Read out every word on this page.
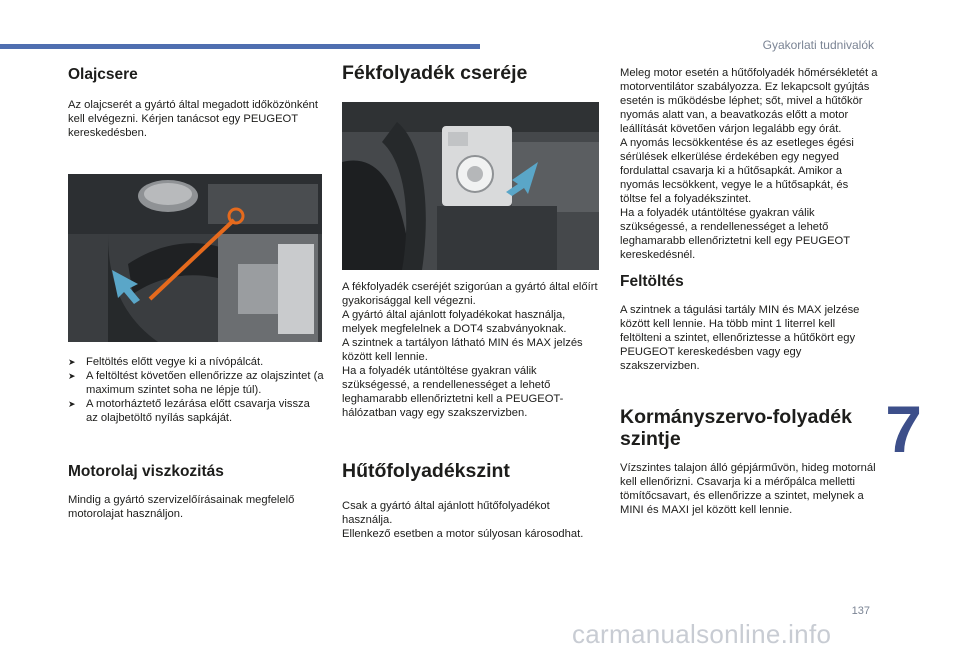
Gyakorlati tudnivalók
7
137
carmanualsonline.info
Olajcsere

Az olajcserét a gyártó által megadott időközönként kell elvégezni. Kérjen tanácsot egy PEUGEOT kereskedésben.

➤ Feltöltés előtt vegye ki a nívópálcát.
➤ A feltöltést követően ellenőrizze az olajszintet (a maximum szintet soha ne lépje túl).
➤ A motorháztető lezárása előtt csavarja vissza az olajbetöltő nyílás sapkáját.
Motorolaj viszkozitás

Mindig a gyártó szervizelőírásainak megfelelő motorolajat használjon.

Fékfolyadék cseréje

A fékfolyadék cseréjét szigorúan a gyártó által előírt gyakorisággal kell végezni.

A gyártó által ajánlott folyadékokat használja, melyek megfelelnek a DOT4 szabványoknak.

A szintnek a tartályon látható MIN és MAX jelzés között kell lennie.

Ha a folyadék utántöltése gyakran válik szükségessé, a rendellenességet a lehető leghamarabb ellenőriztetni kell a PEUGEOT-hálózatban vagy egy szakszervizben.

Hűtőfolyadékszint

Csak a gyártó által ajánlott hűtőfolyadékot használja.

Ellenkező esetben a motor súlyosan károsodhat.

Meleg motor esetén a hűtőfolyadék hőmérsékletét a motorventilátor szabályozza. Ez lekapcsolt gyújtás esetén is működésbe léphet; sőt, mivel a hűtőkör nyomás alatt van, a beavatkozás előtt a motor leállítását követően várjon legalább egy órát.

A nyomás lecsökkentése és az esetleges égési sérülések elkerülése érdekében egy negyed fordulattal csavarja ki a hűtősapkát. Amikor a nyomás lecsökkent, vegye le a hűtősapkát, és töltse fel a folyadékszintet.

Ha a folyadék utántöltése gyakran válik szükségessé, a rendellenességet a lehető leghamarabb ellenőriztetni kell egy PEUGEOT kereskedésnél.

Feltöltés

A szintnek a tágulási tartály MIN és MAX jelzése között kell lennie. Ha több mint 1 literrel kell feltölteni a szintet, ellenőriztesse a hűtőkört egy PEUGEOT kereskedésben vagy egy szakszervizben.

Kormányszervo-folyadék szintje

Vízszintes talajon álló gépjárművön, hideg motornál kell ellenőrizni. Csavarja ki a mérőpálca melletti tömítőcsavart, és ellenőrizze a szintet, melynek a MINI és MAXI jel között kell lennie.
